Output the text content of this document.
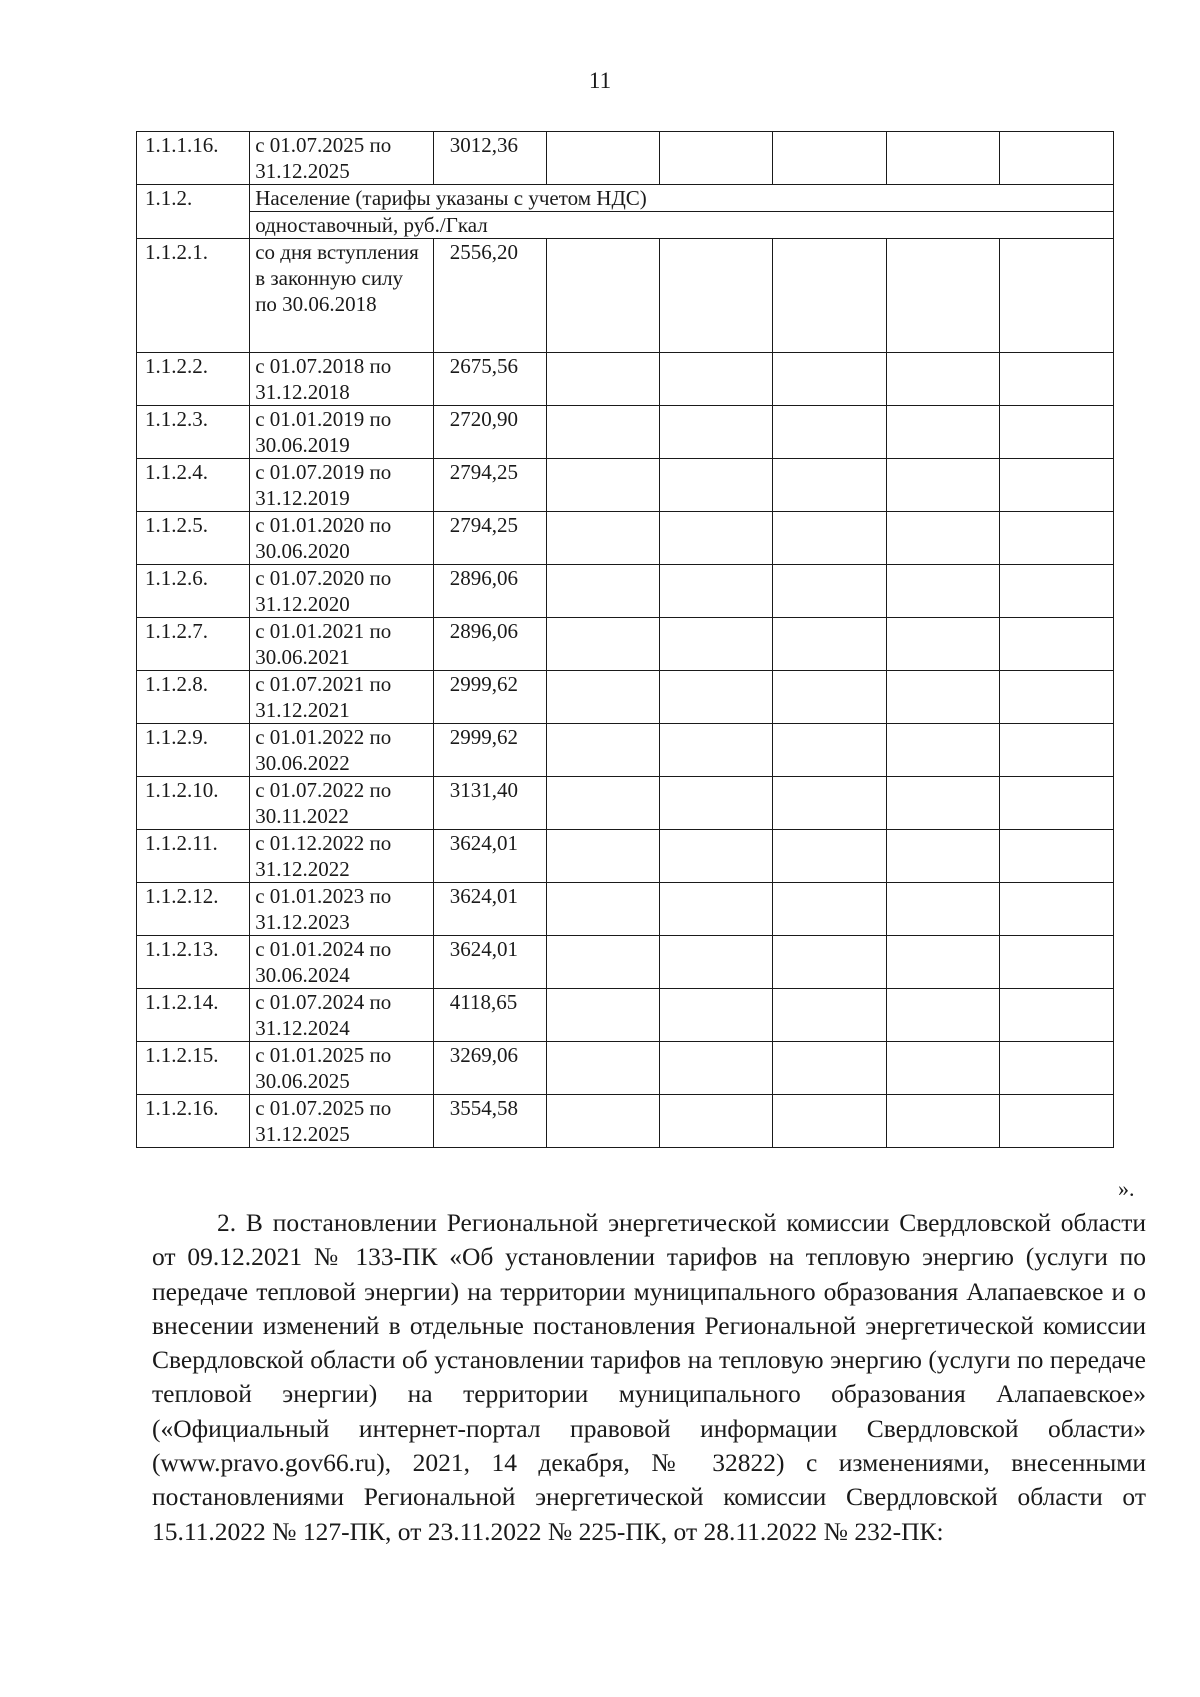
11
1.1.1.16.	с 01.07.2025 по 31.12.2025	3012,36					
1.1.2.	Население (тарифы указаны с учетом НДС)						
	одноставочный, руб./Гкал						
1.1.2.1.	со дня вступления в законную силу по 30.06.2018	2556,20					
1.1.2.2.	с 01.07.2018 по 31.12.2018	2675,56					
1.1.2.3.	с 01.01.2019 по 30.06.2019	2720,90					
1.1.2.4.	с 01.07.2019 по 31.12.2019	2794,25					
1.1.2.5.	с 01.01.2020 по 30.06.2020	2794,25					
1.1.2.6.	с 01.07.2020 по 31.12.2020	2896,06					
1.1.2.7.	с 01.01.2021 по 30.06.2021	2896,06					
1.1.2.8.	с 01.07.2021 по 31.12.2021	2999,62					
1.1.2.9.	с 01.01.2022 по 30.06.2022	2999,62					
1.1.2.10.	с 01.07.2022 по 30.11.2022	3131,40					
1.1.2.11.	с 01.12.2022 по 31.12.2022	3624,01					
1.1.2.12.	с 01.01.2023 по 31.12.2023	3624,01					
1.1.2.13.	с 01.01.2024 по 30.06.2024	3624,01					
1.1.2.14.	с 01.07.2024 по 31.12.2024	4118,65					
1.1.2.15.	с 01.01.2025 по 30.06.2025	3269,06					
1.1.2.16.	с 01.07.2025 по 31.12.2025	3554,58					
».

2. В постановлении Региональной энергетической комиссии Свердловской области от 09.12.2021 № 133-ПК «Об установлении тарифов на тепловую энергию (услуги по передаче тепловой энергии) на территории муниципального образования Алапаевское и о внесении изменений в отдельные постановления Региональной энергетической комиссии Свердловской области об установлении тарифов на тепловую энергию (услуги по передаче тепловой энергии) на территории муниципального образования Алапаевское» («Официальный интернет-портал правовой информации Свердловской области» (www.pravo.gov66.ru), 2021, 14 декабря, № 32822) с изменениями, внесенными постановлениями Региональной энергетической комиссии Свердловской области от 15.11.2022 № 127-ПК, от 23.11.2022 № 225-ПК, от 28.11.2022 № 232-ПК:
